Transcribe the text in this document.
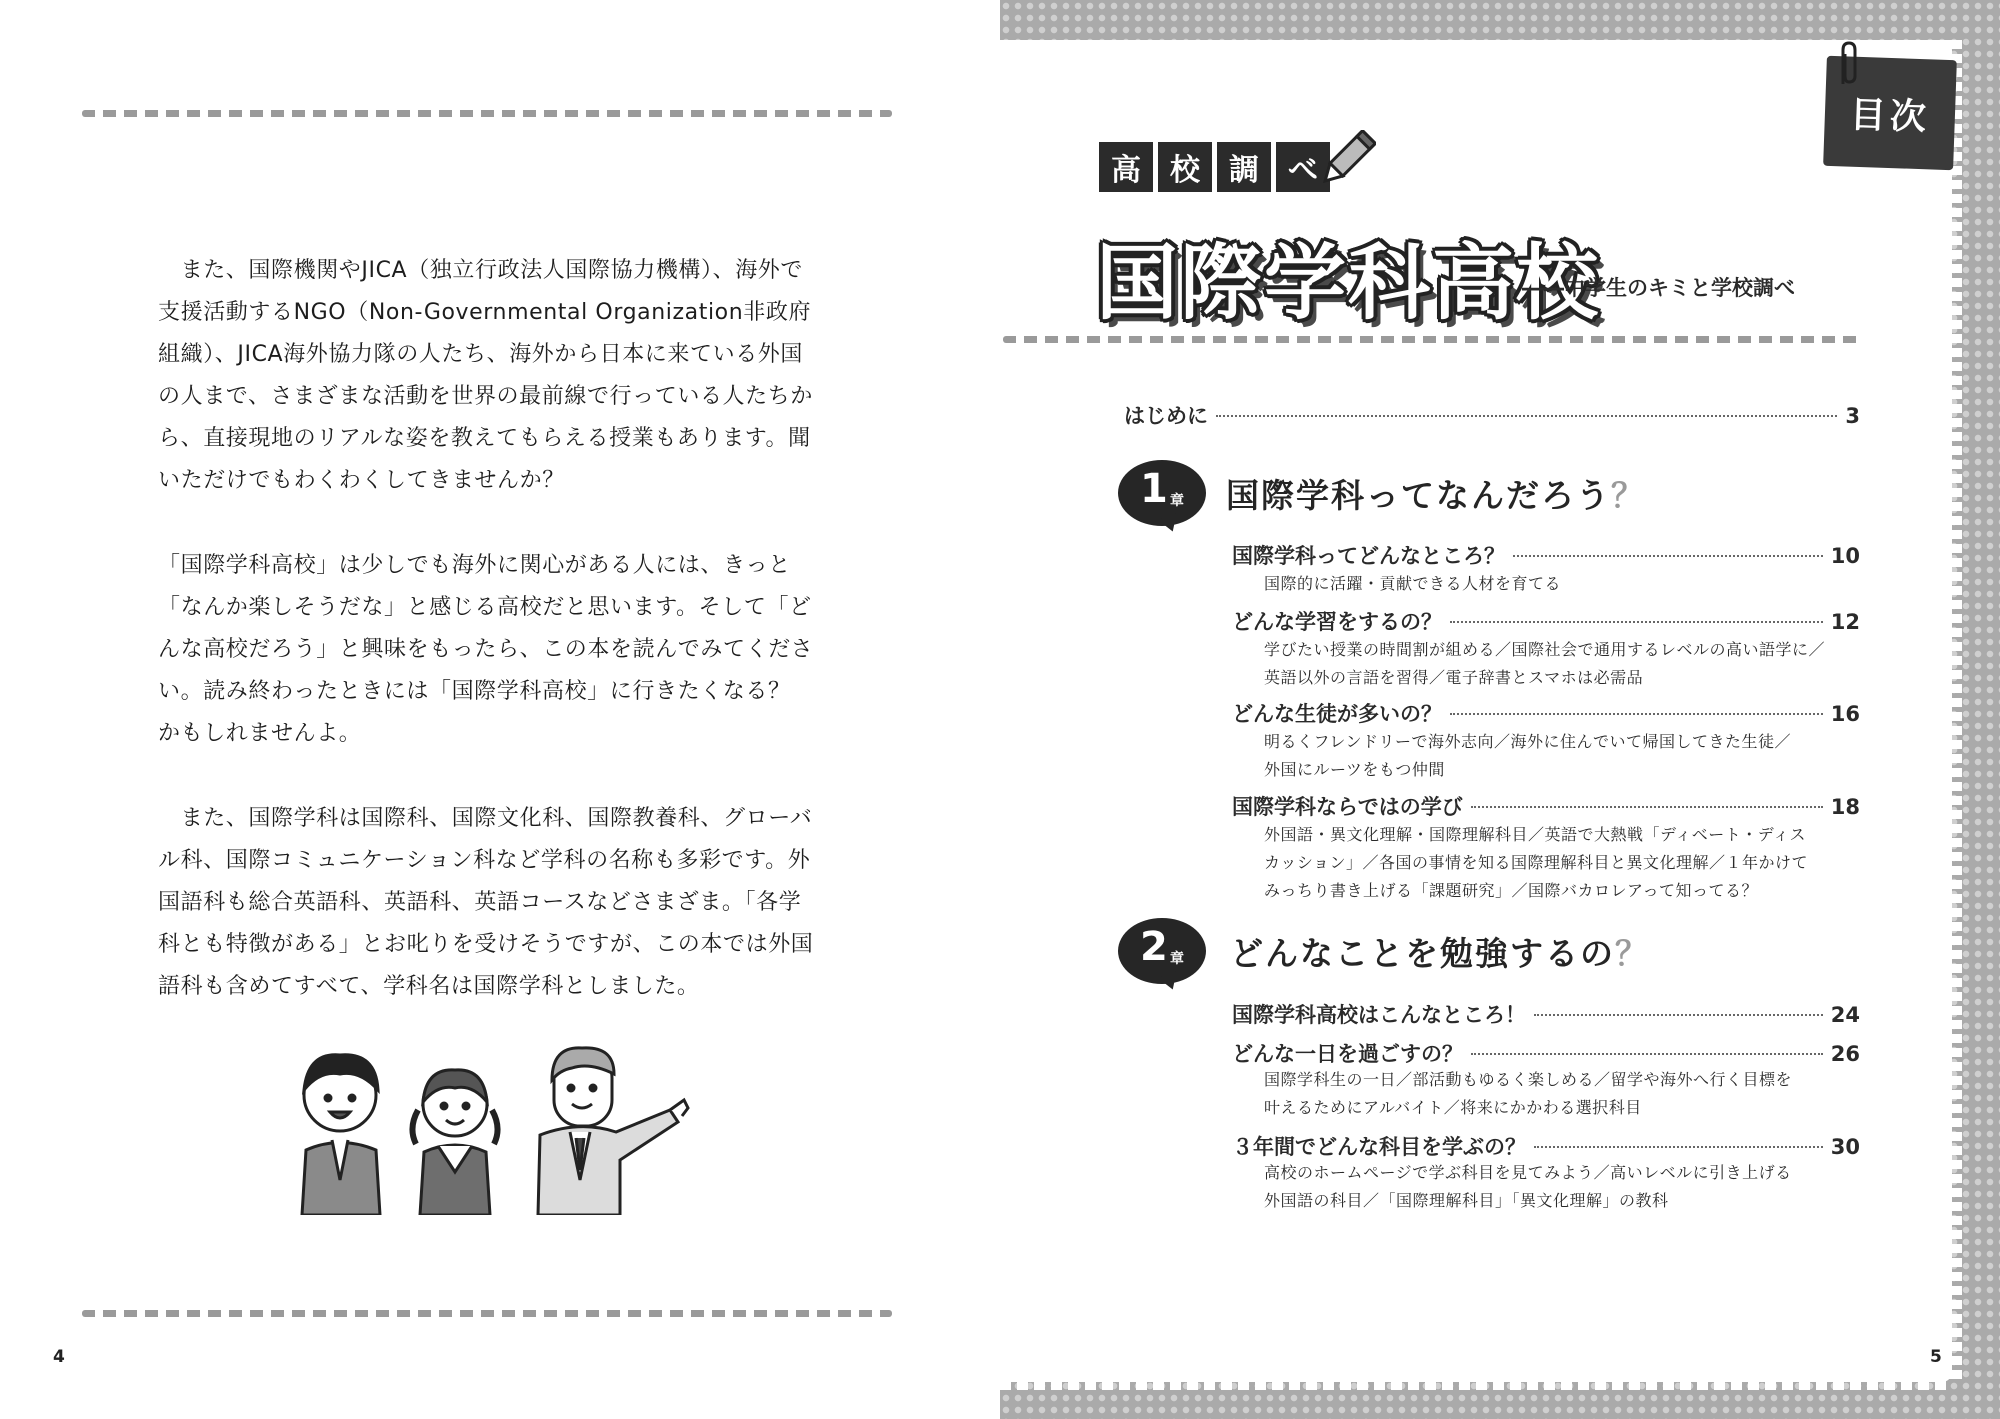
　また、国際機関やJICA（独立行政法人国際協力機構）、海外で支援活動するNGO（Non-Governmental Organization非政府組織）、JICA海外協力隊の人たち、海外から日本に来ている外国の人まで、さまざまな活動を世界の最前線で行っている人たちから、直接現地のリアルな姿を教えてもらえる授業もあります。聞いただけでもわくわくしてきませんか？

「国際学科高校」は少しでも海外に関心がある人には、きっと「なんか楽しそうだな」と感じる高校だと思います。そして「どんな高校だろう」と興味をもったら、この本を読んでみてください。読み終わったときには「国際学科高校」に行きたくなる？ かもしれませんよ。

　また、国際学科は国際科、国際文化科、国際教養科、グローバル科、国際コミュニケーション科など学科の名称も多彩です。外国語科も総合英語科、英語科、英語コースなどさまざま。「各学科とも特徴がある」とお叱りを受けそうですが、この本では外国語科も含めてすべて、学科名は国際学科としました。

4
目次
高 校 調 べ
国際学科高校
――中学生のキミと学校調べ
はじめに	3
1 章 国際学科ってなんだろう？
国際学科ってどんなところ？	10
国際的に活躍・貢献できる人材を育てる
どんな学習をするの？	12
学びたい授業の時間割が組める／国際社会で通用するレベルの高い語学に／
英語以外の言語を習得／電子辞書とスマホは必需品
どんな生徒が多いの？	16
明るくフレンドリーで海外志向／海外に住んでいて帰国してきた生徒／
外国にルーツをもつ仲間
国際学科ならではの学び	18
外国語・異文化理解・国際理解科目／英語で大熱戦「ディベート・ディス
カッション」／各国の事情を知る国際理解科目と異文化理解／１年かけて
みっちり書き上げる「課題研究」／国際バカロレアって知ってる？
2 章 どんなことを勉強するの？
国際学科高校はこんなところ！	24
どんな一日を過ごすの？	26
国際学科生の一日／部活動もゆるく楽しめる／留学や海外へ行く目標を
叶えるためにアルバイト／将来にかかわる選択科目
３年間でどんな科目を学ぶの？	30
高校のホームページで学ぶ科目を見てみよう／高いレベルに引き上げる
外国語の科目／「国際理解科目」「異文化理解」の教科
5
